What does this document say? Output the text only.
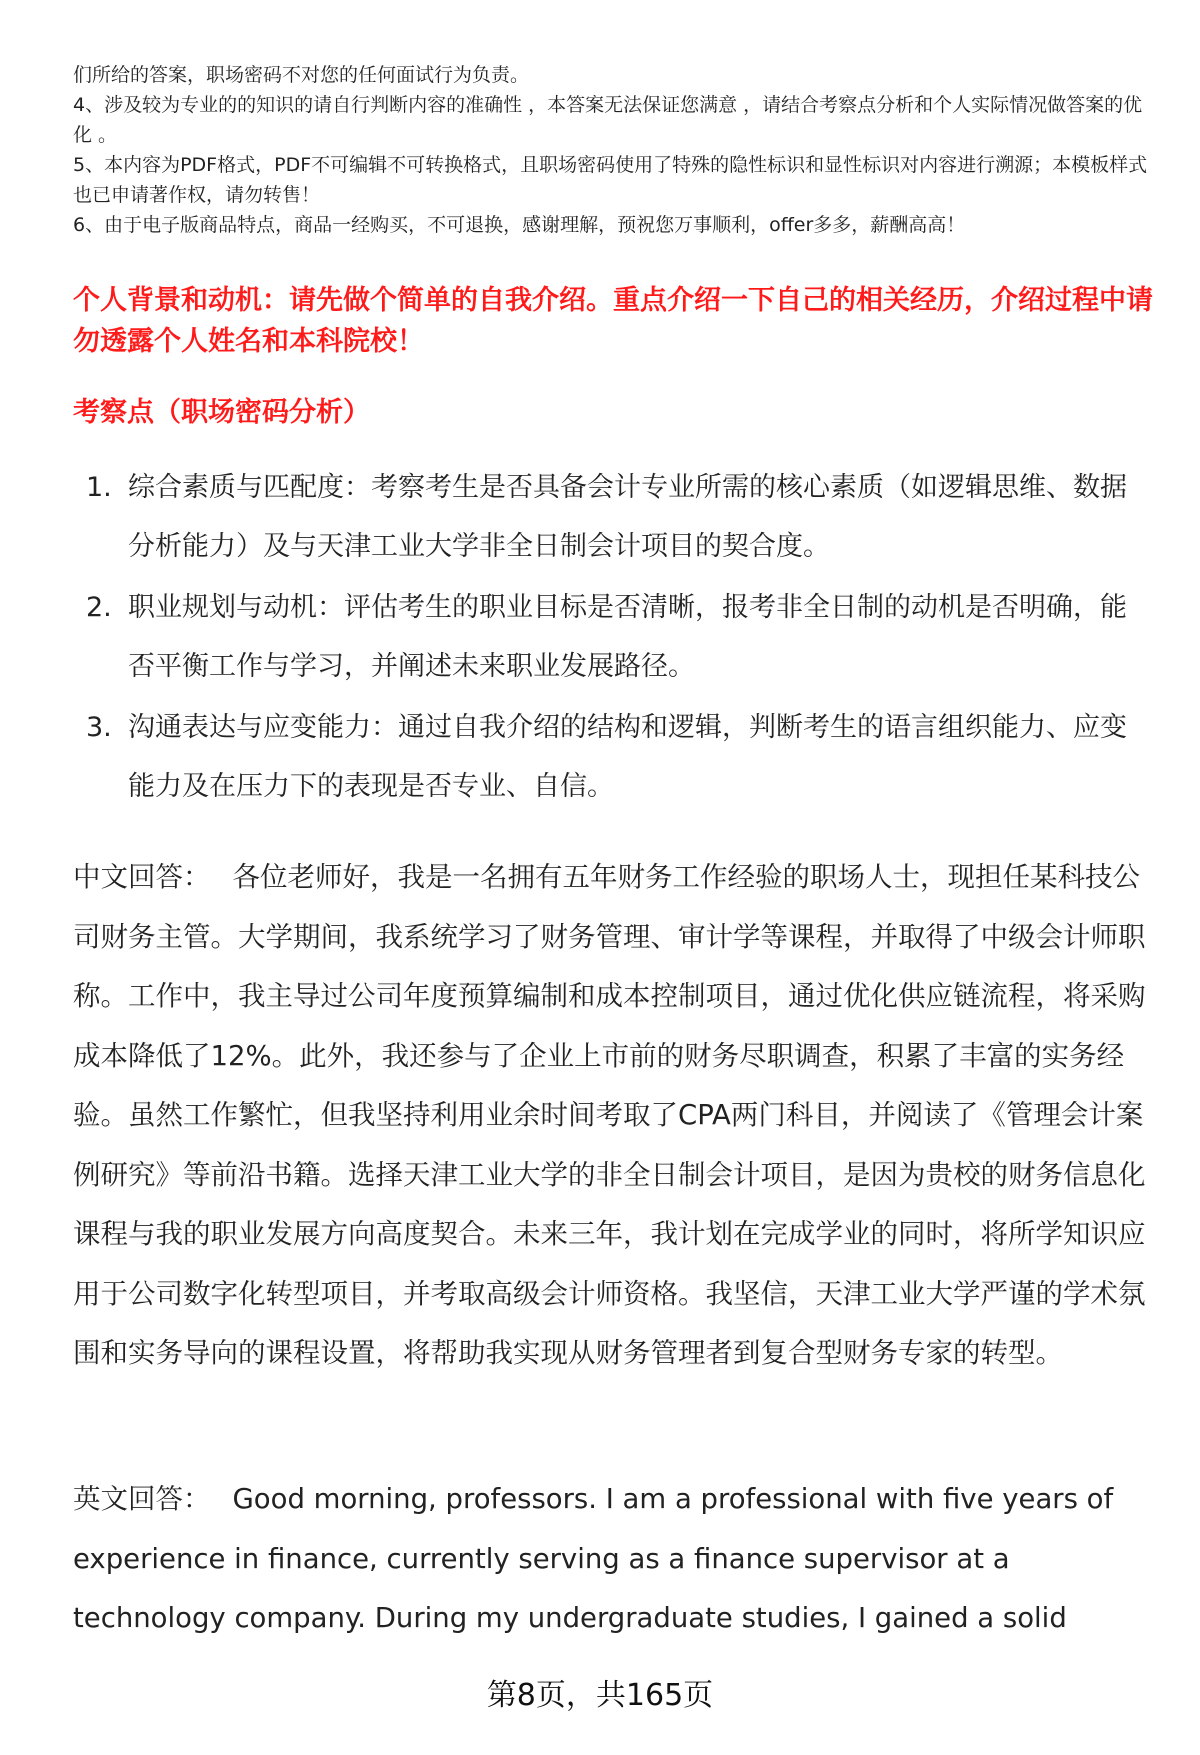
们所给的答案，职场密码不对您的任何面试行为负责。

4、涉及较为专业的的知识的请自行判断内容的准确性 ，本答案无法保证您满意 ，请结合考察点分析和个人实际情况做答案的优化 。

5、本内容为PDF格式，PDF不可编辑不可转换格式，且职场密码使用了特殊的隐性标识和显性标识对内容进行溯源；本模板样式也已申请著作权，请勿转售！

6、由于电子版商品特点，商品一经购买，不可退换，感谢理解，预祝您万事顺利，offer多多，薪酬高高！

个人背景和动机：请先做个简单的自我介绍。重点介绍一下自己的相关经历，介绍过程中请勿透露个人姓名和本科院校！
考察点（职场密码分析）
1. 综合素质与匹配度：考察考生是否具备会计专业所需的核心素质（如逻辑思维、数据分析能力）及与天津工业大学非全日制会计项目的契合度。
2. 职业规划与动机：评估考生的职业目标是否清晰，报考非全日制的动机是否明确，能否平衡工作与学习，并阐述未来职业发展路径。
3. 沟通表达与应变能力：通过自我介绍的结构和逻辑，判断考生的语言组织能力、应变能力及在压力下的表现是否专业、自信。

中文回答： 各位老师好，我是一名拥有五年财务工作经验的职场人士，现担任某科技公司财务主管。大学期间，我系统学习了财务管理、审计学等课程，并取得了中级会计师职称。工作中，我主导过公司年度预算编制和成本控制项目，通过优化供应链流程，将采购成本降低了12%。此外，我还参与了企业上市前的财务尽职调查，积累了丰富的实务经验。虽然工作繁忙，但我坚持利用业余时间考取了CPA两门科目，并阅读了《管理会计案例研究》等前沿书籍。选择天津工业大学的非全日制会计项目，是因为贵校的财务信息化课程与我的职业发展方向高度契合。未来三年，我计划在完成学业的同时，将所学知识应用于公司数字化转型项目，并考取高级会计师资格。我坚信，天津工业大学严谨的学术氛围和实务导向的课程设置，将帮助我实现从财务管理者到复合型财务专家的转型。

英文回答： Good morning, professors. I am a professional with five years of experience in finance, currently serving as a finance supervisor at a technology company. During my undergraduate studies, I gained a solid

第8页，共165页
